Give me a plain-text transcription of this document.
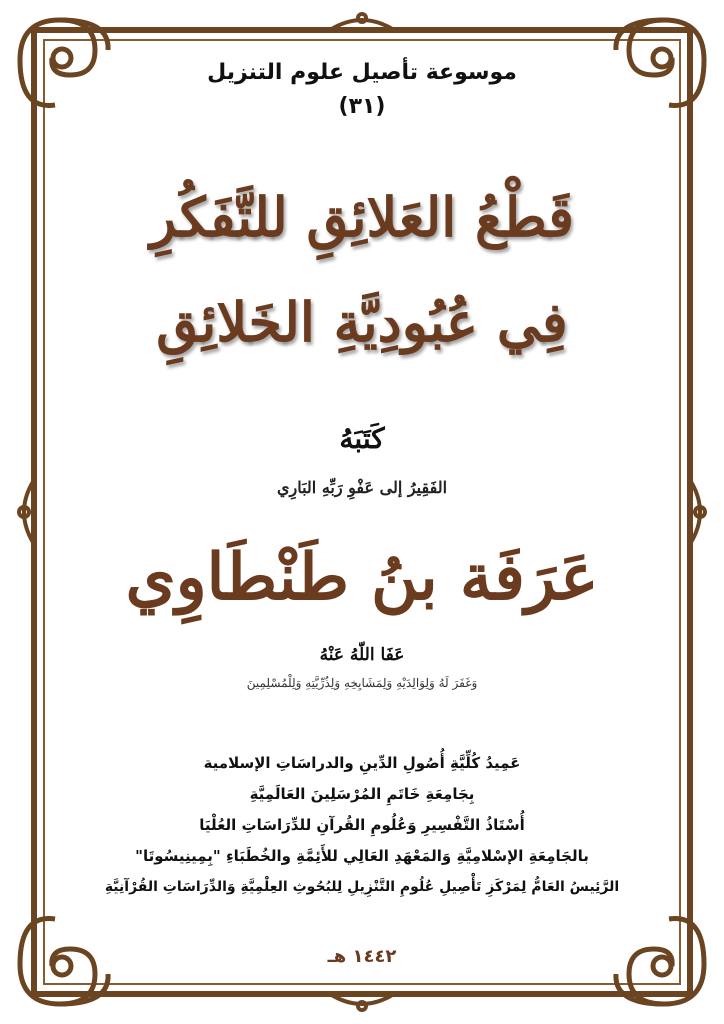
موسوعة تأصيل علوم التنزيل
(٣١)
قَطْعُ العَلائِقِ للتَّفَكُرِ
فِي عُبُودِيَّةِ الخَلائِقِ
كَتَبَهُ
الفَقِيرُ إلى عَفْوِ رَبِّهِ البَارِي
عَرَفَة بنُ طَنْطَاوِي
عَفَا اللّهُ عَنْهُ
وَغَفَرَ لَهُ وَلِوَالِدَيْهِ وَلِمَشَايِخِهِ وَلِذُرِّيَّتِهِ وَلِلْمُسْلِمِينَ
عَمِيدُ كُلِّيَّةِ أُصُولِ الدِّينِ والدراسَاتِ الإسلامية
بِجَامِعَةِ خَاتَمِ المُرْسَلِينَ العَالَمِيَّةِ
أُسْتَاذُ التَّفْسِيرِ وَعُلُومِ القُرآنِ للدِّرَاسَاتِ العُلْيَا
بالجَامِعَةِ الإسْلامِيَّةِ وَالمَعْهَدِ العَالِي للأَئِمَّةِ والخُطَبَاءِ "بِمِينِيسُوتَا"
الرَّئِيسُ العَامُّ لِمَرْكَزِ تَأْصِيلِ عُلُومِ التَّنْزِيلِ لِلبُحُوثِ العِلْمِيَّةِ وَالدِّرَاسَاتِ القُرْآنِيَّةِ
١٤٤٢ هـ
